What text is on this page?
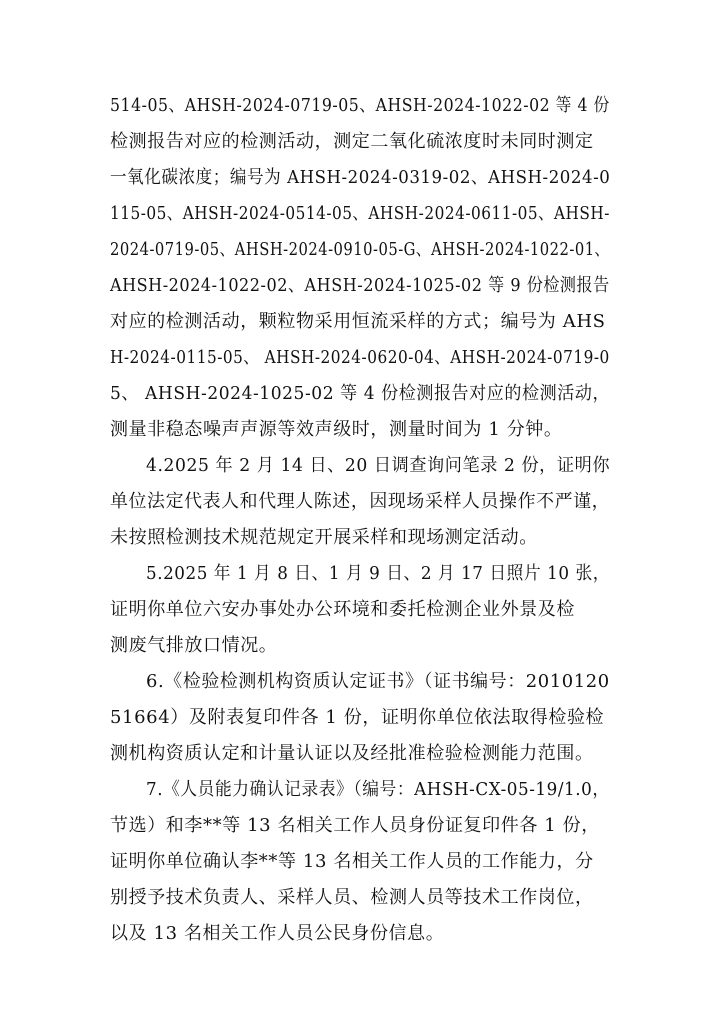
514-05、AHSH-2024-0719-05、AHSH-2024-1022-02 等 4 份
检测报告对应的检测活动，测定二氧化硫浓度时未同时测定
一氧化碳浓度；编号为 AHSH-2024-0319-02、AHSH-2024-0
115-05、AHSH-2024-0514-05、AHSH-2024-0611-05、AHSH-
2024-0719-05、AHSH-2024-0910-05-G、AHSH-2024-1022-01、
AHSH-2024-1022-02、AHSH-2024-1025-02 等 9 份检测报告
对应的检测活动，颗粒物采用恒流采样的方式；编号为 AHS
H-2024-0115-05、 AHSH-2024-0620-04、AHSH-2024-0719-0
5、 AHSH-2024-1025-02 等 4 份检测报告对应的检测活动，
测量非稳态噪声声源等效声级时，测量时间为 1 分钟。
4.2025 年 2 月 14 日、20 日调查询问笔录 2 份，证明你
单位法定代表人和代理人陈述，因现场采样人员操作不严谨，
未按照检测技术规范规定开展采样和现场测定活动。
5.2025 年 1 月 8 日、1 月 9 日、2 月 17 日照片 10 张，
证明你单位六安办事处办公环境和委托检测企业外景及检
测废气排放口情况。
6.《检验检测机构资质认定证书》（证书编号：2010120
51664）及附表复印件各 1 份，证明你单位依法取得检验检
测机构资质认定和计量认证以及经批准检验检测能力范围。
7.《人员能力确认记录表》（编号：AHSH-CX-05-19/1.0，
节选）和李**等 13 名相关工作人员身份证复印件各 1 份，
证明你单位确认李**等 13 名相关工作人员的工作能力，分
别授予技术负责人、采样人员、检测人员等技术工作岗位，
以及 13 名相关工作人员公民身份信息。
